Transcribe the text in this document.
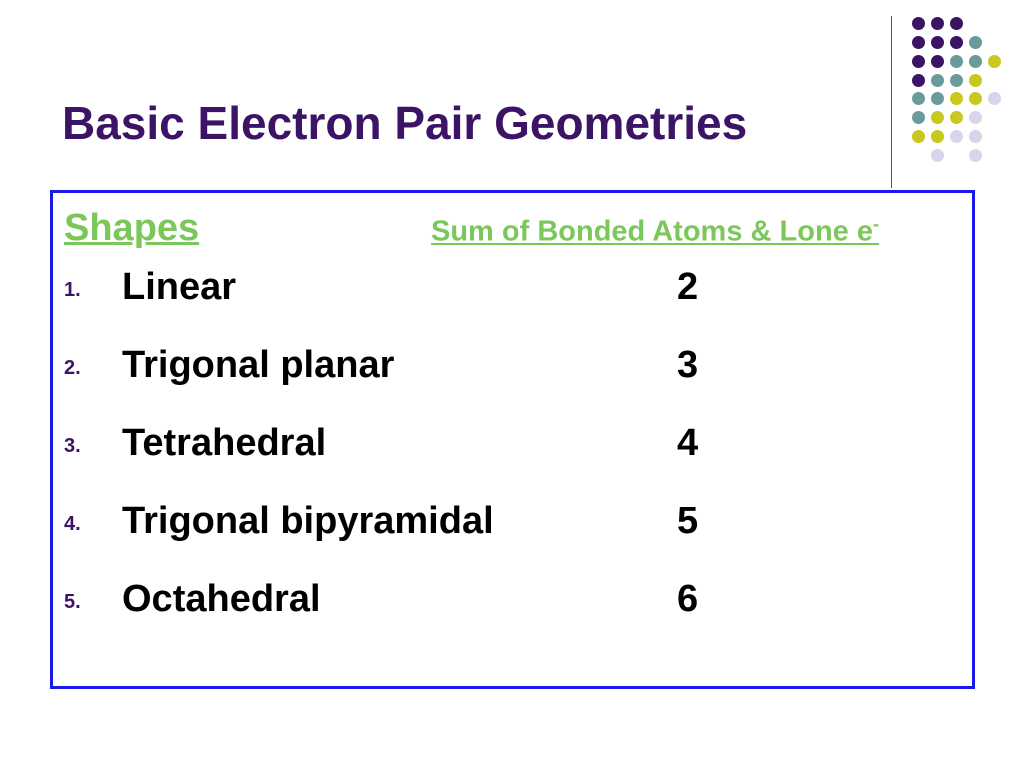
Basic Electron Pair Geometries
Shapes	Sum of Bonded Atoms & Lone e-
1. Linear	2
2. Trigonal planar	3
3. Tetrahedral	4
4. Trigonal bipyramidal	5
5. Octahedral	6
